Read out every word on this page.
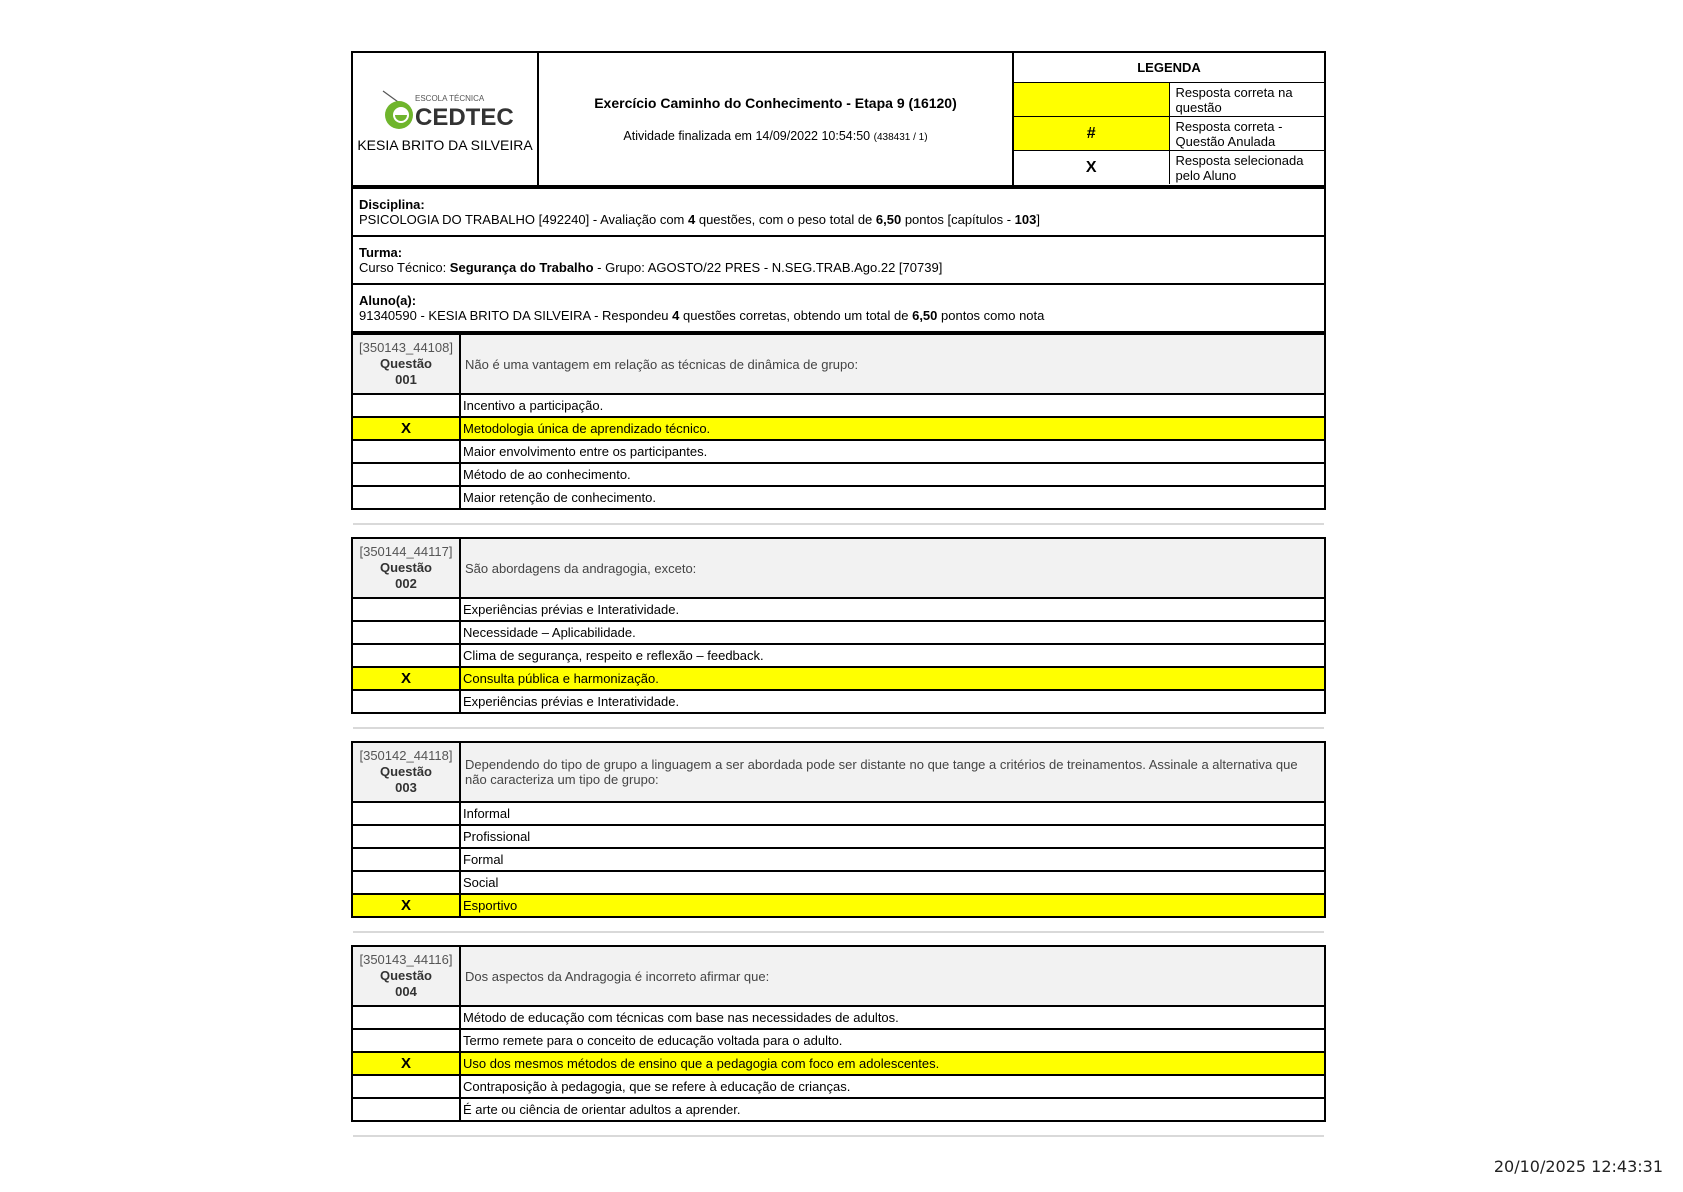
ESCOLA TÉCNICA
CEDTEC
KESIA BRITO DA SILVEIRA

Exercício Caminho do Conhecimento - Etapa 9 (16120)
Atividade finalizada em 14/09/2022 10:54:50 (438431 / 1)

LEGENDA
	Resposta correta na questão
#	Resposta correta - Questão Anulada
X	Resposta selecionada pelo Aluno
Disciplina:
PSICOLOGIA DO TRABALHO [492240] - Avaliação com 4 questões, com o peso total de 6,50 pontos [capítulos - 103]

Turma:
Curso Técnico: Segurança do Trabalho - Grupo: AGOSTO/22 PRES - N.SEG.TRAB.Ago.22 [70739]

Aluno(a):
91340590 - KESIA BRITO DA SILVEIRA - Respondeu 4 questões corretas, obtendo um total de 6,50 pontos como nota
[350143_44108]
Questão
001	Não é uma vantagem em relação as técnicas de dinâmica de grupo:
	Incentivo a participação.
X	Metodologia única de aprendizado técnico.
	Maior envolvimento entre os participantes.
	Método de ao conhecimento.
	Maior retenção de conhecimento.
[350144_44117]
Questão
002	São abordagens da andragogia, exceto:
	Experiências prévias e Interatividade.
	Necessidade – Aplicabilidade.
	Clima de segurança, respeito e reflexão – feedback.
X	Consulta pública e harmonização.
	Experiências prévias e Interatividade.
[350142_44118]
Questão
003	Dependendo do tipo de grupo a linguagem a ser abordada pode ser distante no que tange a critérios de treinamentos. Assinale a alternativa que não caracteriza um tipo de grupo:
	Informal
	Profissional
	Formal
	Social
X	Esportivo
[350143_44116]
Questão
004	Dos aspectos da Andragogia é incorreto afirmar que:
	Método de educação com técnicas com base nas necessidades de adultos.
	Termo remete para o conceito de educação voltada para o adulto.
X	Uso dos mesmos métodos de ensino que a pedagogia com foco em adolescentes.
	Contraposição à pedagogia, que se refere à educação de crianças.
	É arte ou ciência de orientar adultos a aprender.
20/10/2025 12:43:31
